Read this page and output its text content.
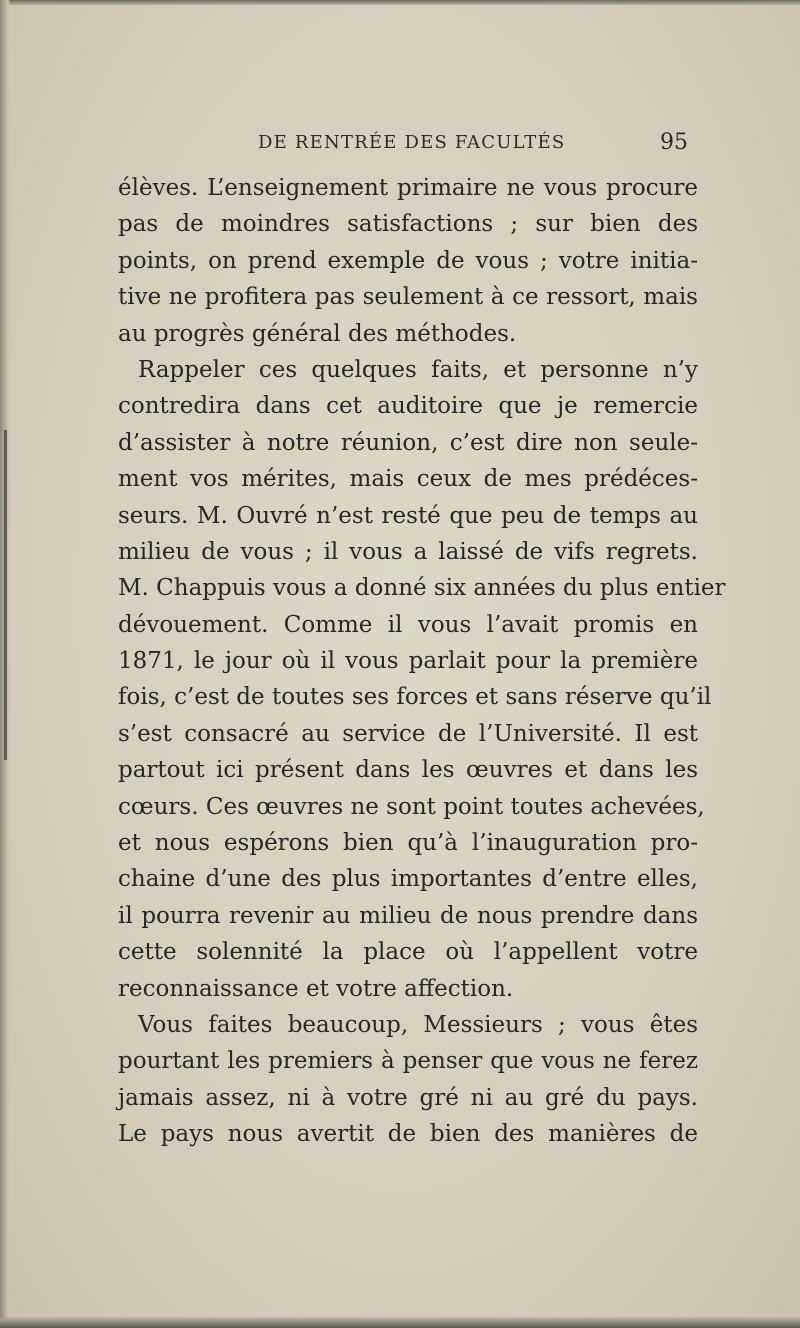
DE RENTRÉE DES FACULTÉS	95
élèves. L’enseignement primaire ne vous procure
pas de moindres satisfactions ; sur bien des
points, on prend exemple de vous ; votre initia-
tive ne profitera pas seulement à ce ressort, mais
au progrès général des méthodes.
Rappeler ces quelques faits, et personne n’y
contredira dans cet auditoire que je remercie
d’assister à notre réunion, c’est dire non seule-
ment vos mérites, mais ceux de mes prédéces-
seurs. M. Ouvré n’est resté que peu de temps au
milieu de vous ; il vous a laissé de vifs regrets.
M. Chappuis vous a donné six années du plus entier
dévouement. Comme il vous l’avait promis en
1871, le jour où il vous parlait pour la première
fois, c’est de toutes ses forces et sans réserve qu’il
s’est consacré au service de l’Université. Il est
partout ici présent dans les œuvres et dans les
cœurs. Ces œuvres ne sont point toutes achevées,
et nous espérons bien qu’à l’inauguration pro-
chaine d’une des plus importantes d’entre elles,
il pourra revenir au milieu de nous prendre dans
cette solennité la place où l’appellent votre
reconnaissance et votre affection.
Vous faites beaucoup, Messieurs ; vous êtes
pourtant les premiers à penser que vous ne ferez
jamais assez, ni à votre gré ni au gré du pays.
Le pays nous avertit de bien des manières de
